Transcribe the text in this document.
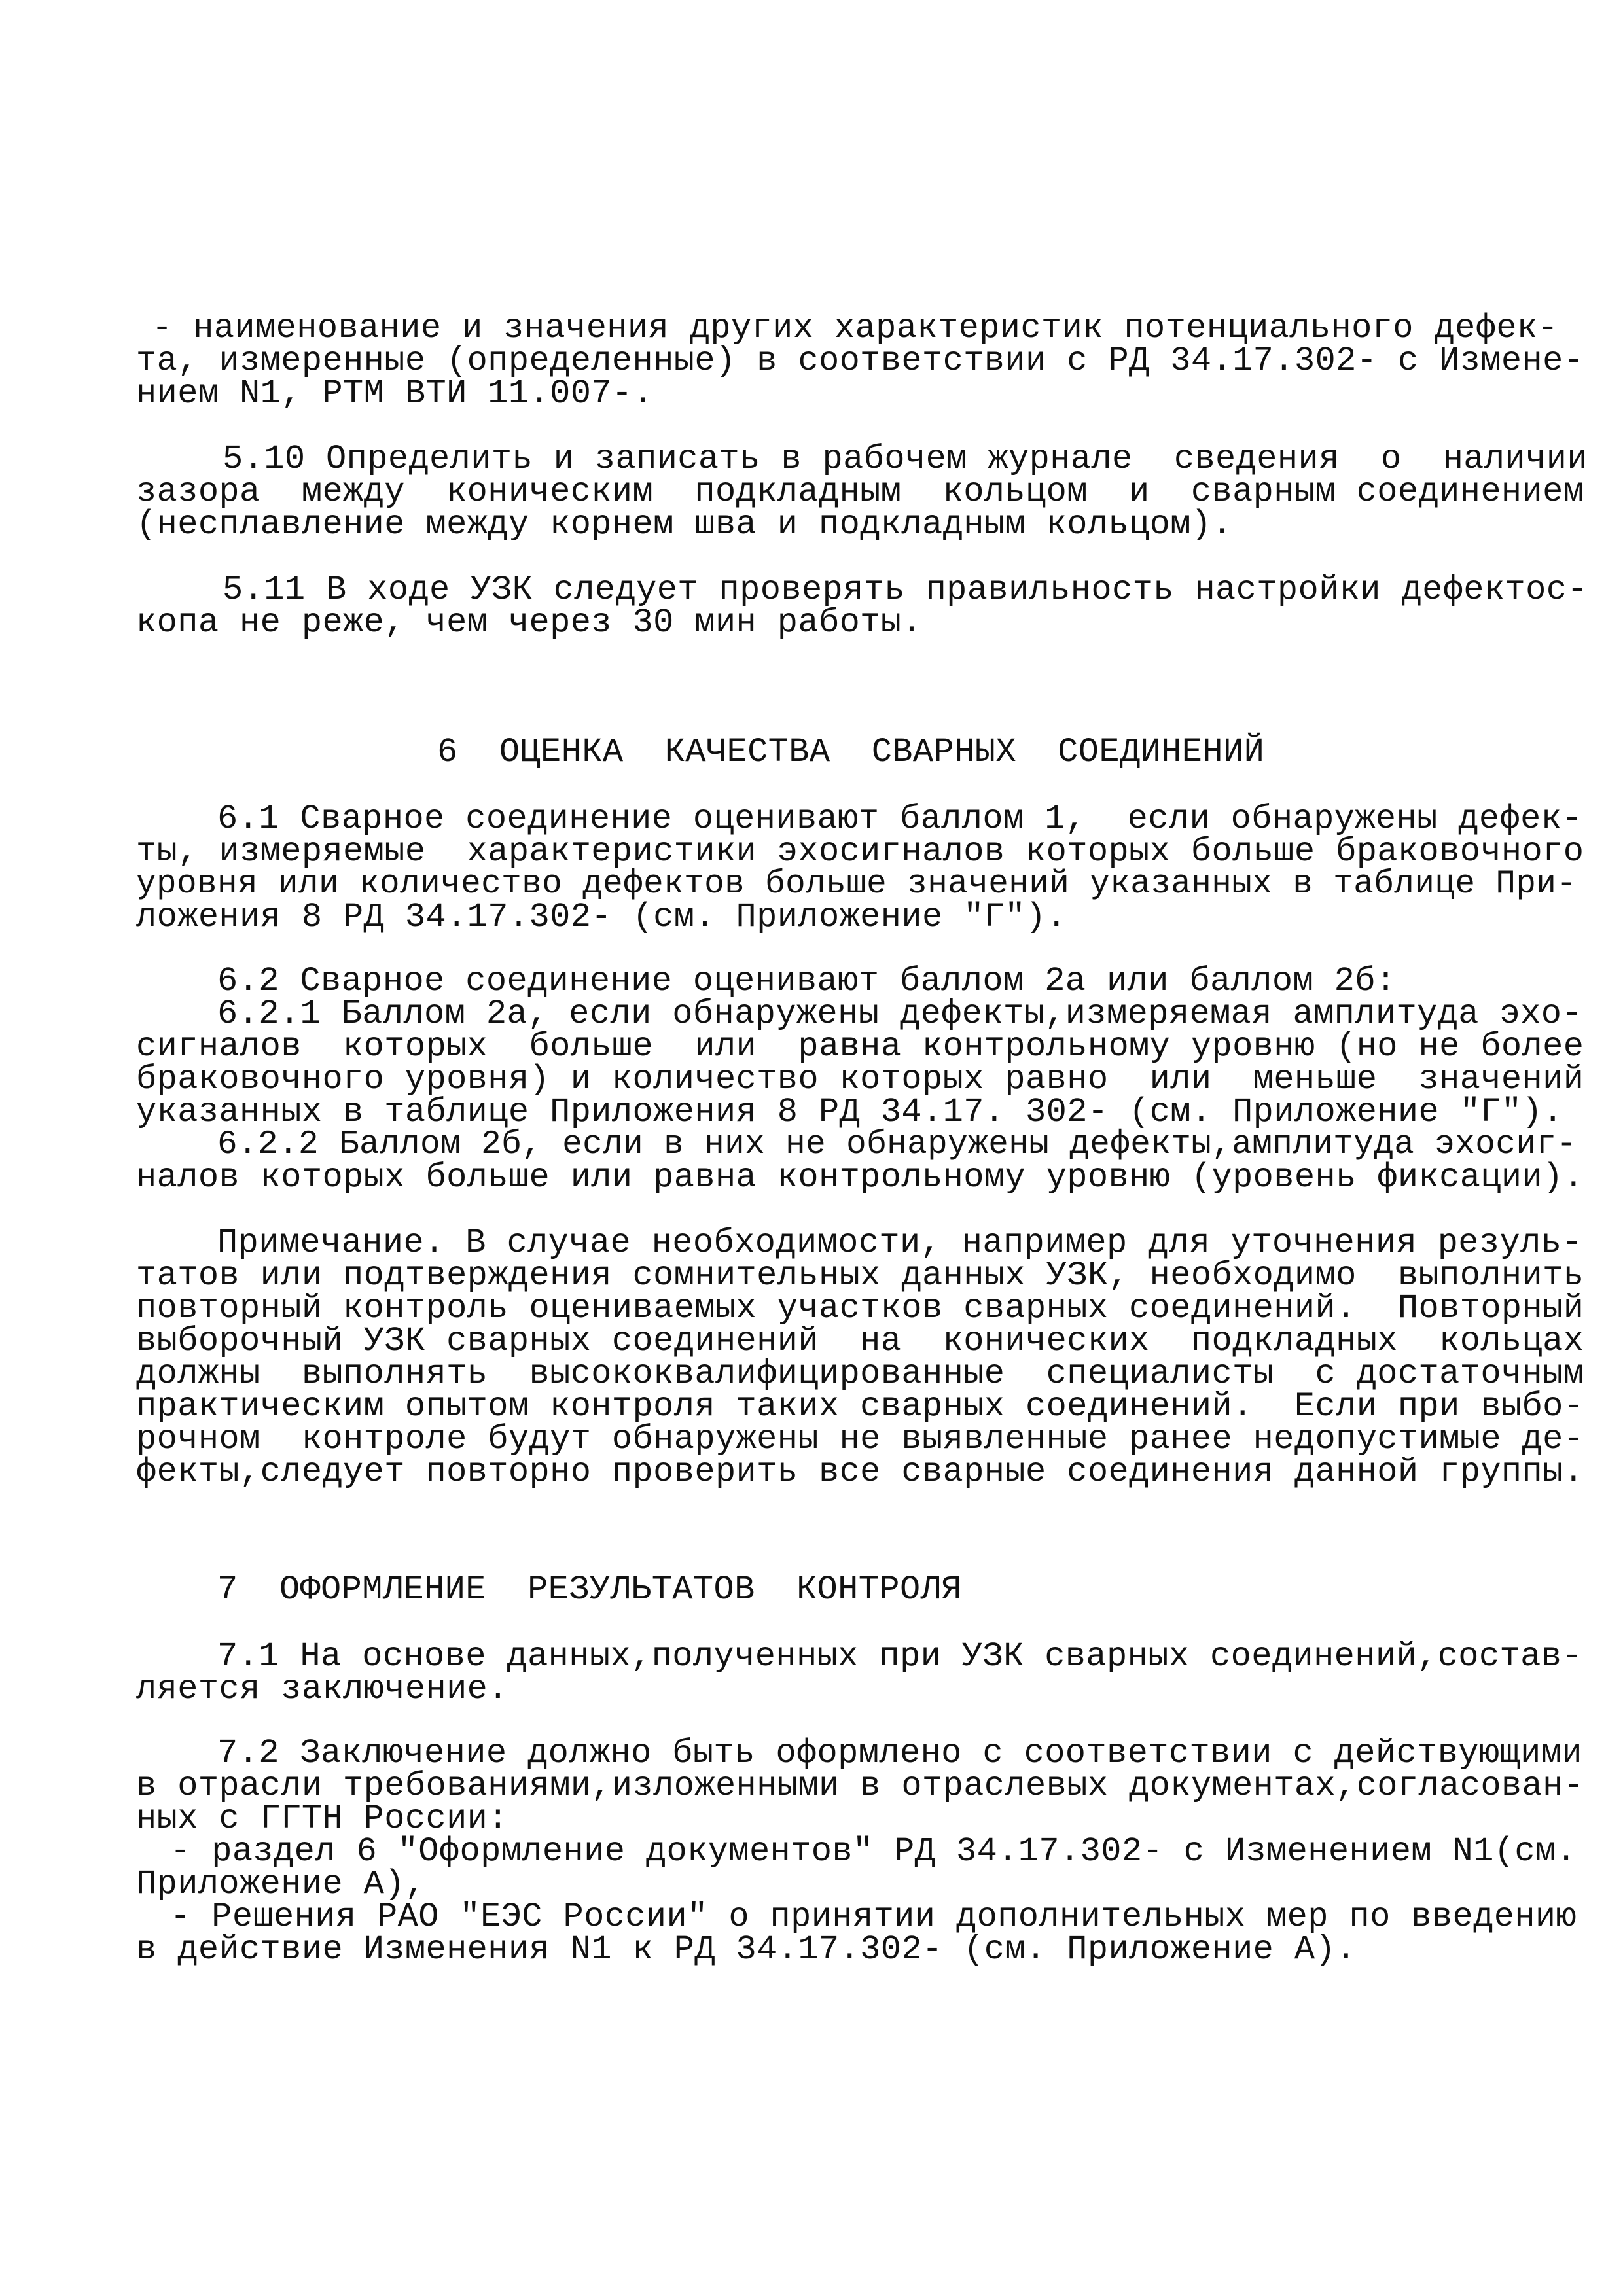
- наименование и значения других характеристик потенциального дефек-
та, измеренные (определенные) в соответствии с РД 34.17.302- с Измене-
нием N1, РТМ ВТИ 11.007-.
5.10 Определить и записать в рабочем журнале  сведения  о  наличии
зазора  между  коническим  подкладным  кольцом  и  сварным соединением
(несплавление между корнем шва и подкладным кольцом).
5.11 В ходе УЗК следует проверять правильность настройки дефектос-
копа не реже, чем через 30 мин работы.
6  ОЦЕНКА  КАЧЕСТВА  СВАРНЫХ  СОЕДИНЕНИЙ
6.1 Сварное соединение оценивают баллом 1,  если обнаружены дефек-
ты, измеряемые  характеристики эхосигналов которых больше браковочного
уровня или количество дефектов больше значений указанных в таблице При-
ложения 8 РД 34.17.302- (см. Приложение "Г").
6.2 Сварное соединение оценивают баллом 2а или баллом 2б:
6.2.1 Баллом 2а, если обнаружены дефекты,измеряемая амплитуда эхо-
сигналов  которых  больше  или  равна контрольному уровню (но не более
браковочного уровня) и количество которых равно  или  меньше  значений
указанных в таблице Приложения 8 РД 34.17. 302- (см. Приложение "Г").
6.2.2 Баллом 2б, если в них не обнаружены дефекты,амплитуда эхосиг-
налов которых больше или равна контрольному уровню (уровень фиксации).
Примечание. В случае необходимости, например для уточнения резуль-
татов или подтверждения сомнительных данных УЗК, необходимо  выполнить
повторный контроль оцениваемых участков сварных соединений.  Повторный
выборочный УЗК сварных соединений  на  конических  подкладных  кольцах
должны  выполнять  высококвалифицированные  специалисты  с достаточным
практическим опытом контроля таких сварных соединений.  Если при выбо-
рочном  контроле будут обнаружены не выявленные ранее недопустимые де-
фекты,следует повторно проверить все сварные соединения данной группы.
7  ОФОРМЛЕНИЕ  РЕЗУЛЬТАТОВ  КОНТРОЛЯ
7.1 На основе данных,полученных при УЗК сварных соединений,состав-
ляется заключение.
7.2 Заключение должно быть оформлено с соответствии с действующими
в отрасли требованиями,изложенными в отраслевых документах,согласован-
ных с ГГТН России:
- раздел 6 "Оформление документов" РД 34.17.302- с Изменением N1(см.
Приложение А),
- Решения РАО "ЕЭС России" о принятии дополнительных мер по введению
в действие Изменения N1 к РД 34.17.302- (см. Приложение А).
